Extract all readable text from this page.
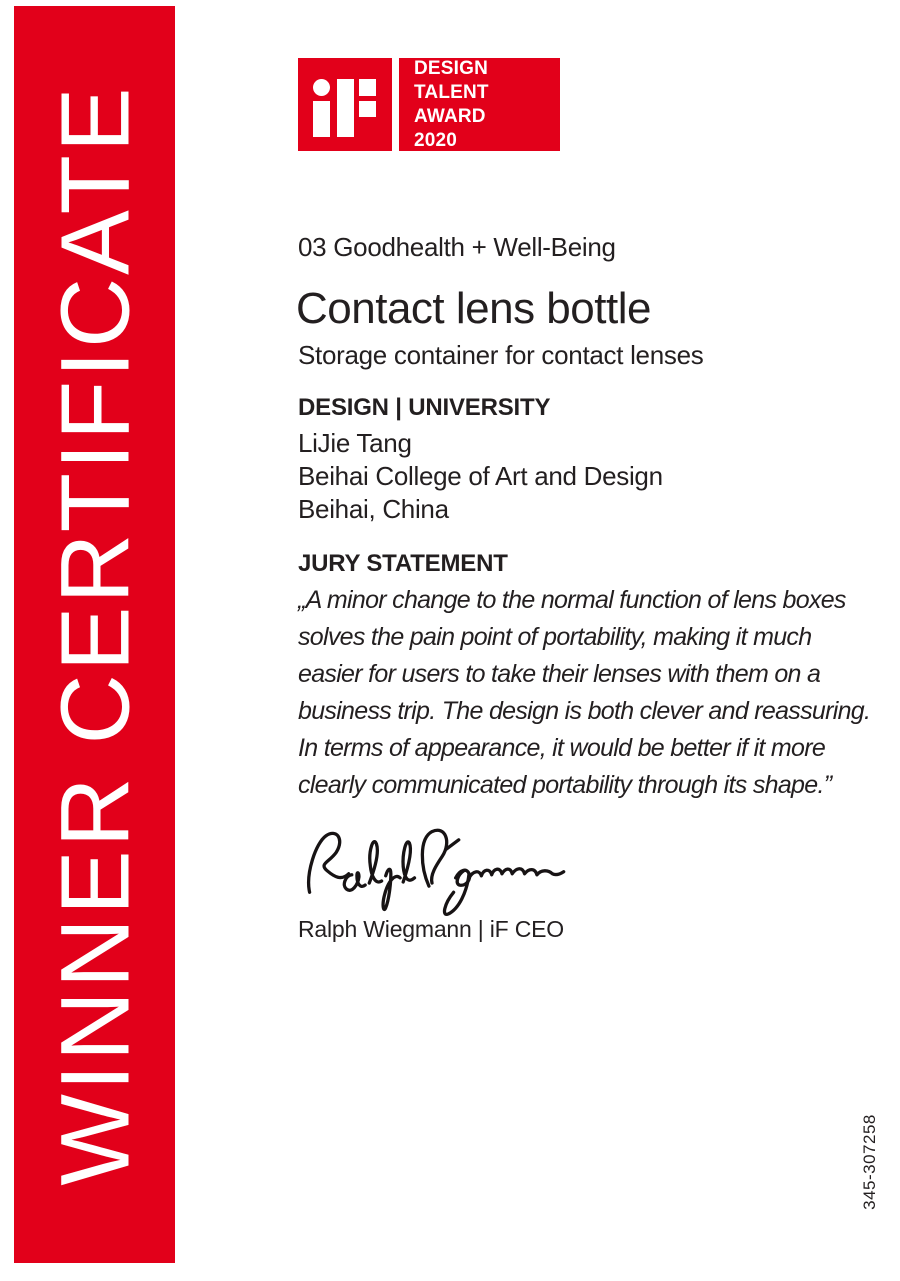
WINNER CERTIFICATE
DESIGN
TALENT AWARD
2020
03 Goodhealth + Well-Being
Contact lens bottle
Storage container for contact lenses
DESIGN | UNIVERSITY
LiJie Tang
Beihai College of Art and Design
Beihai, China
JURY STATEMENT
„A minor change to the normal function of lens boxes
solves the pain point of portability, making it much
easier for users to take their lenses with them on a
business trip. The design is both clever and reassuring.
In terms of appearance, it would be better if it more
clearly communicated portability through its shape.”
Ralph Wiegmann | iF CEO
345-307258
